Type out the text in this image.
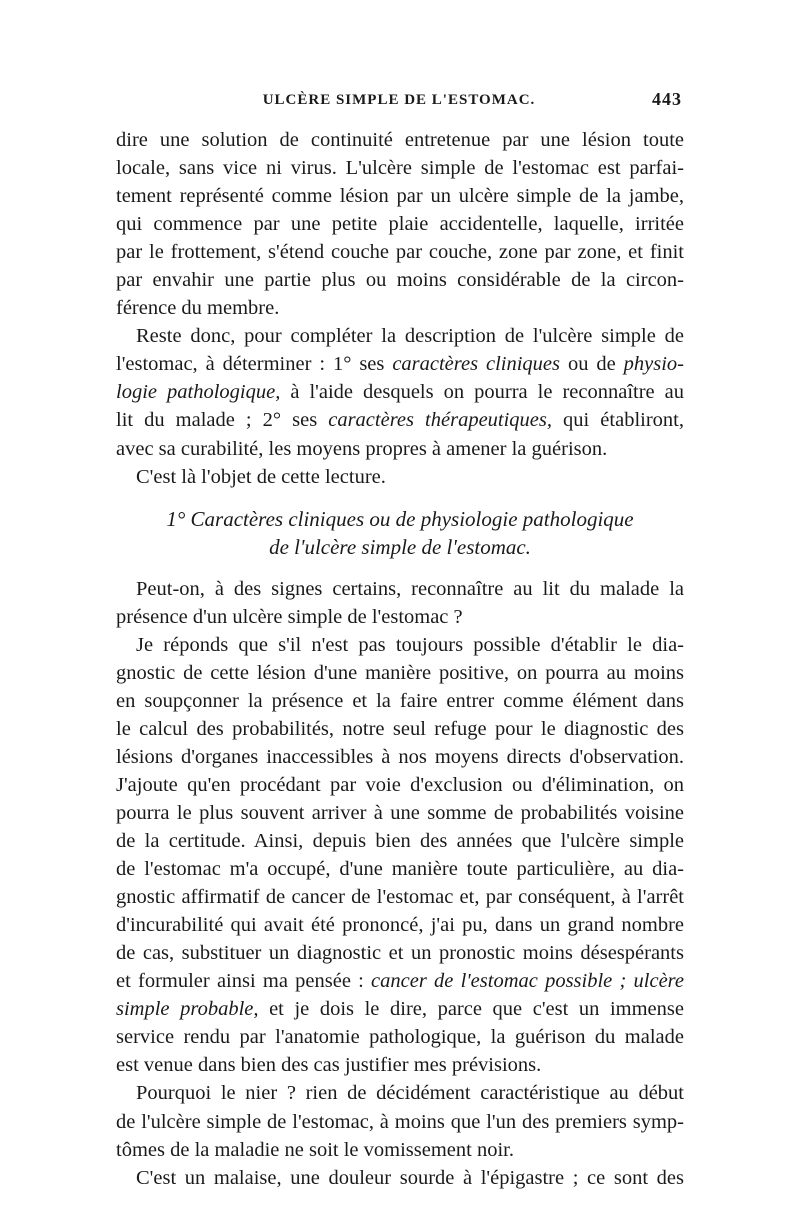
ULCÈRE SIMPLE DE L'ESTOMAC.	443
dire une solution de continuité entretenue par une lésion toute
locale, sans vice ni virus. L'ulcère simple de l'estomac est parfai-
tement représenté comme lésion par un ulcère simple de la jambe,
qui commence par une petite plaie accidentelle, laquelle, irritée
par le frottement, s'étend couche par couche, zone par zone, et finit
par envahir une partie plus ou moins considérable de la circon-
férence du membre.
Reste donc, pour compléter la description de l'ulcère simple de
l'estomac, à déterminer : 1° ses caractères cliniques ou de physio-
logie pathologique, à l'aide desquels on pourra le reconnaître au
lit du malade ; 2° ses caractères thérapeutiques, qui établiront,
avec sa curabilité, les moyens propres à amener la guérison.
C'est là l'objet de cette lecture.
1° Caractères cliniques ou de physiologie pathologique
de l'ulcère simple de l'estomac.
Peut-on, à des signes certains, reconnaître au lit du malade la
présence d'un ulcère simple de l'estomac ?
Je réponds que s'il n'est pas toujours possible d'établir le dia-
gnostic de cette lésion d'une manière positive, on pourra au moins
en soupçonner la présence et la faire entrer comme élément dans
le calcul des probabilités, notre seul refuge pour le diagnostic des
lésions d'organes inaccessibles à nos moyens directs d'observation.
J'ajoute qu'en procédant par voie d'exclusion ou d'élimination, on
pourra le plus souvent arriver à une somme de probabilités voisine
de la certitude. Ainsi, depuis bien des années que l'ulcère simple
de l'estomac m'a occupé, d'une manière toute particulière, au dia-
gnostic affirmatif de cancer de l'estomac et, par conséquent, à l'arrêt
d'incurabilité qui avait été prononcé, j'ai pu, dans un grand nombre
de cas, substituer un diagnostic et un pronostic moins désespérants
et formuler ainsi ma pensée : cancer de l'estomac possible ; ulcère
simple probable, et je dois le dire, parce que c'est un immense
service rendu par l'anatomie pathologique, la guérison du malade
est venue dans bien des cas justifier mes prévisions.
Pourquoi le nier ? rien de décidément caractéristique au début
de l'ulcère simple de l'estomac, à moins que l'un des premiers symp-
tômes de la maladie ne soit le vomissement noir.
C'est un malaise, une douleur sourde à l'épigastre ; ce sont des
